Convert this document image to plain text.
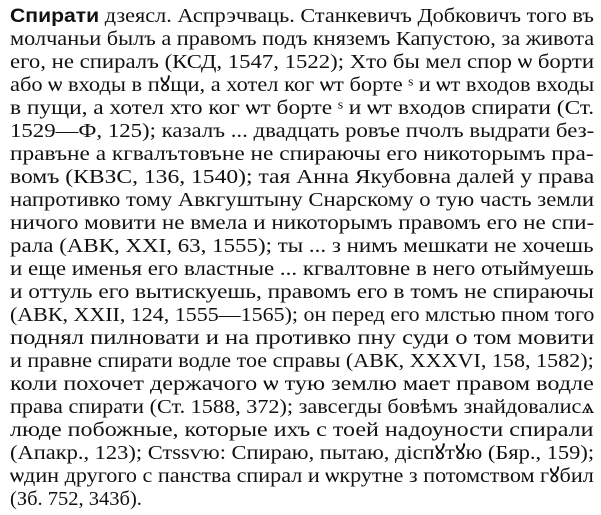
Спирати дзеясл. Аспрэчваць. Станкевичъ Добковичъ того въ
молчаньи былъ а правомъ подъ княземъ Капустою, за живота
его, не спиралъ (КСД, 1547, 1522); Хто бы мел спор ѡ борти
або ѡ входы в пꙋщи, а хотел ког ѡт борте ˢ и ѡт входов входы
в пущи, а хотел хто ког ѡт борте ˢ и ѡт входов спирати (Ст.
1529—Ф, 125); казалъ ... двадцать ровъе пчолъ выдрати без-
правъне а кгвалътовъне не спираючы его никоторымъ пра-
вомъ (КВЗС, 136, 1540); тая Анна Якубовна далей у права
напротивко тому Авкгуштыну Снарскому о тую часть земли
ничого мовити не вмела и никоторымъ правомъ его не спи-
рала (АВК, XXI, 63, 1555); ты ... з нимъ мешкати не хочешь
и еще именья его властные ... кгвалтовне в него отыймуешь
и оттуль его вытискуешь, правомъ его в томъ не спираючы
(АВК, XXII, 124, 1555—1565); он перед его млстью пном того
поднял пилновати и на противко пну суди о том мовити
и правне спирати водле тое справы (АВК, XXXVI, 158, 1582);
коли похочет держачого ѡ тую землю мает правом водле
права спирати (Ст. 1588, 372); завсегды бовѣмъ знайдовалисѧ
люде побожные, которые ихъ с тоей надоуности спирали
(Апакр., 123); Стѕѕѵю: Спираю, пытаю, діспꙋтꙋю (Бяр., 159);
ѡдин другого с панства спирал и ѡкрутне з потомством гꙋбил
(Зб. 752, 343б).
